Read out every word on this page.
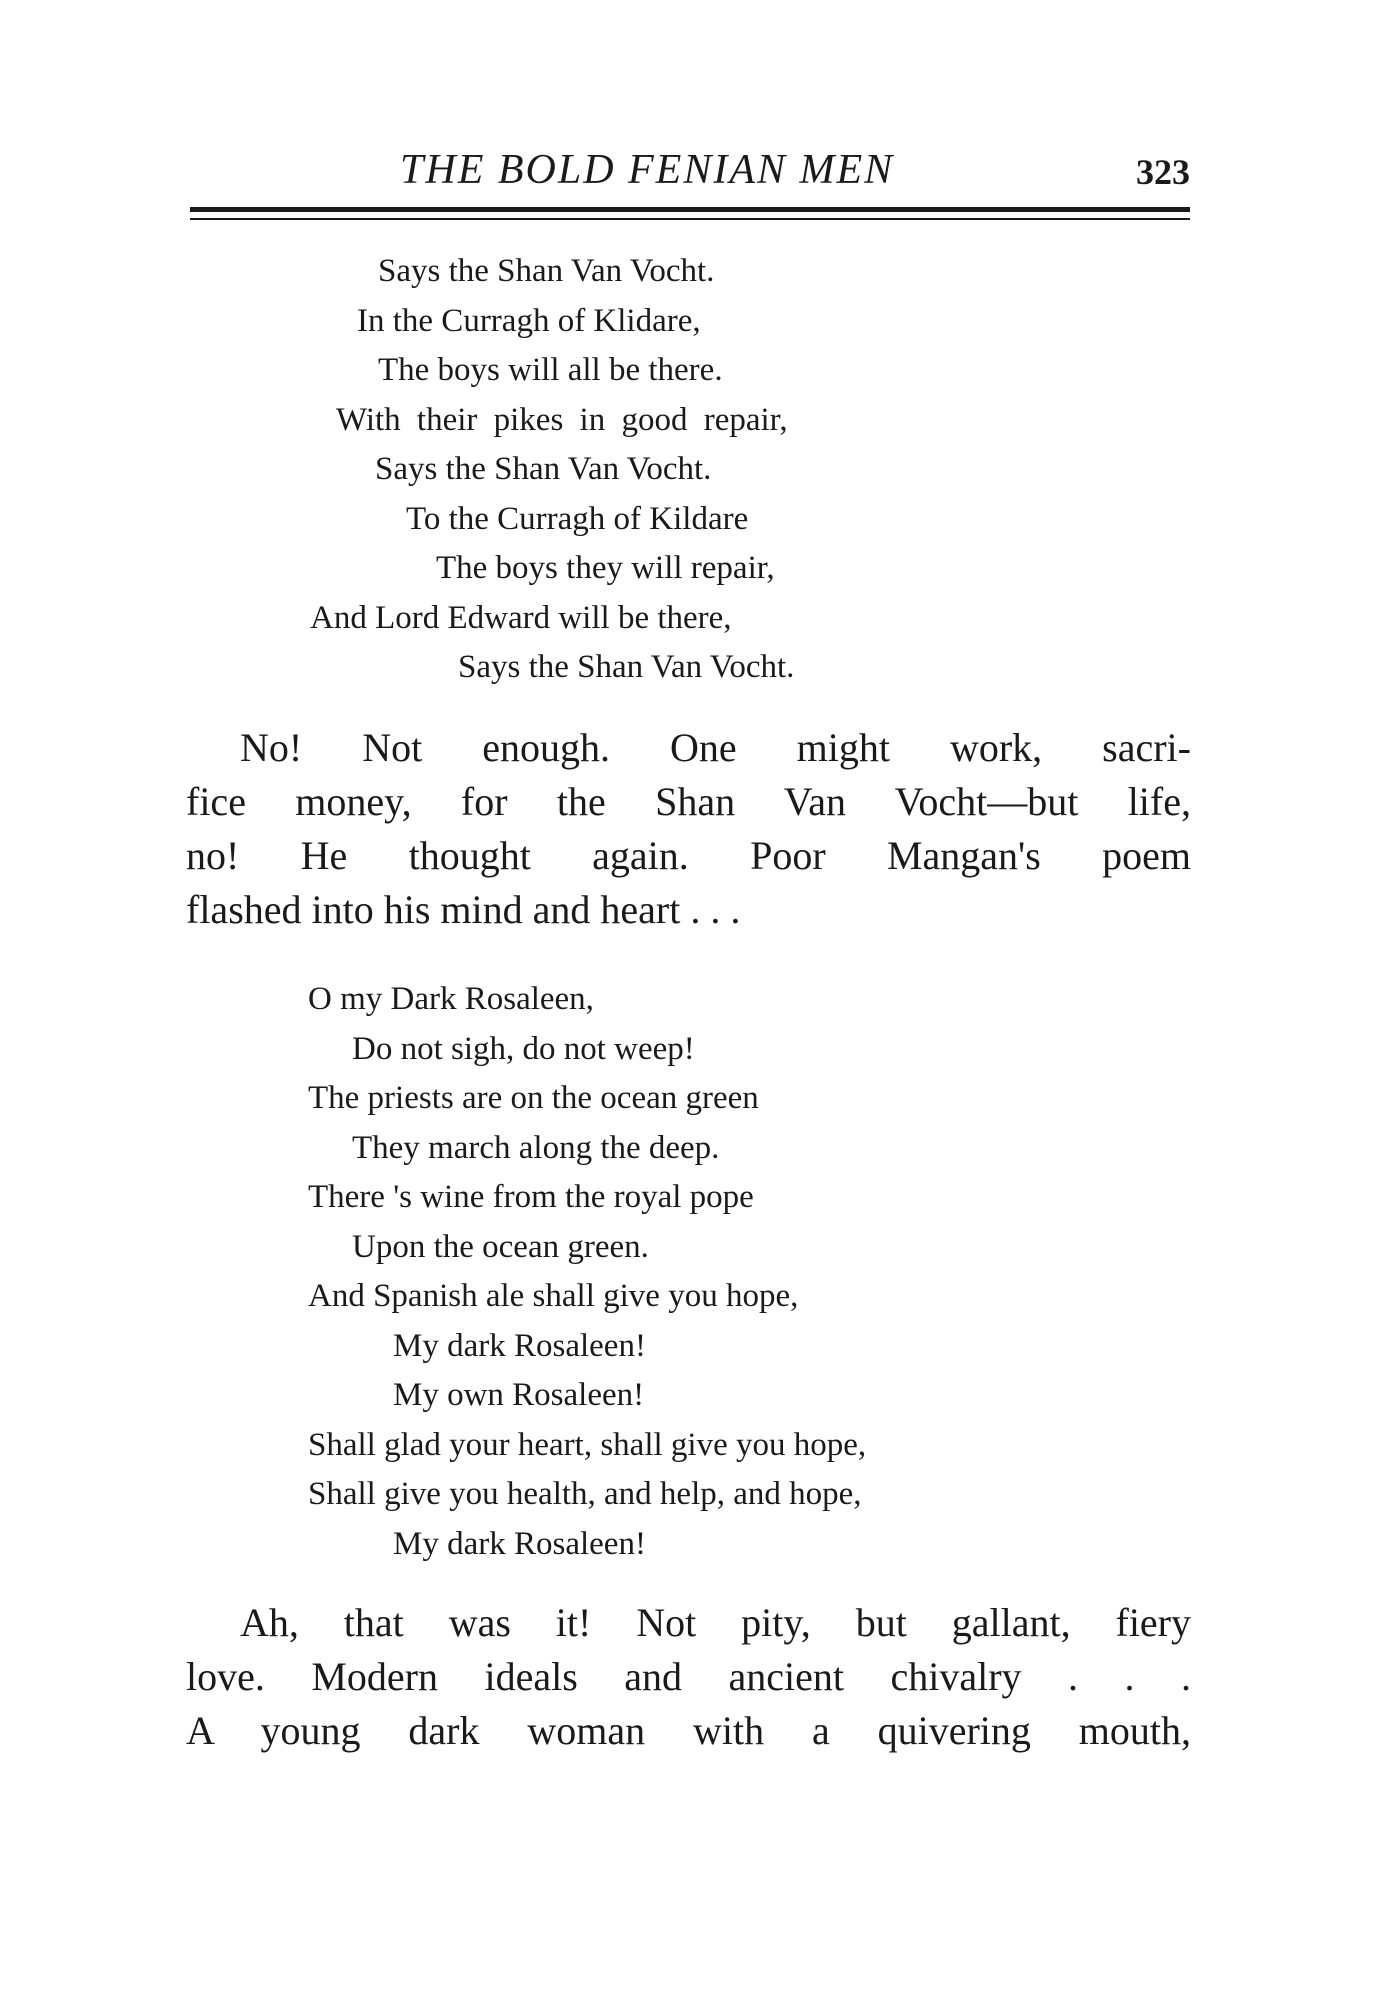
THE BOLD FENIAN MEN	323
Says the Shan Van Vocht.
In the Curragh of Klidare,
The boys will all be there.
With their pikes in good repair,
Says the Shan Van Vocht.
To the Curragh of Kildare
The boys they will repair,
And Lord Edward will be there,
Says the Shan Van Vocht.
No! Not enough. One might work, sacri-
fice money, for the Shan Van Vocht—but life,
no! He thought again. Poor Mangan's poem
flashed into his mind and heart . . .
O my Dark Rosaleen,
Do not sigh, do not weep!
The priests are on the ocean green
They march along the deep.
There 's wine from the royal pope
Upon the ocean green.
And Spanish ale shall give you hope,
My dark Rosaleen!
My own Rosaleen!
Shall glad your heart, shall give you hope,
Shall give you health, and help, and hope,
My dark Rosaleen!
Ah, that was it! Not pity, but gallant, fiery
love. Modern ideals and ancient chivalry . . .
A young dark woman with a quivering mouth,
